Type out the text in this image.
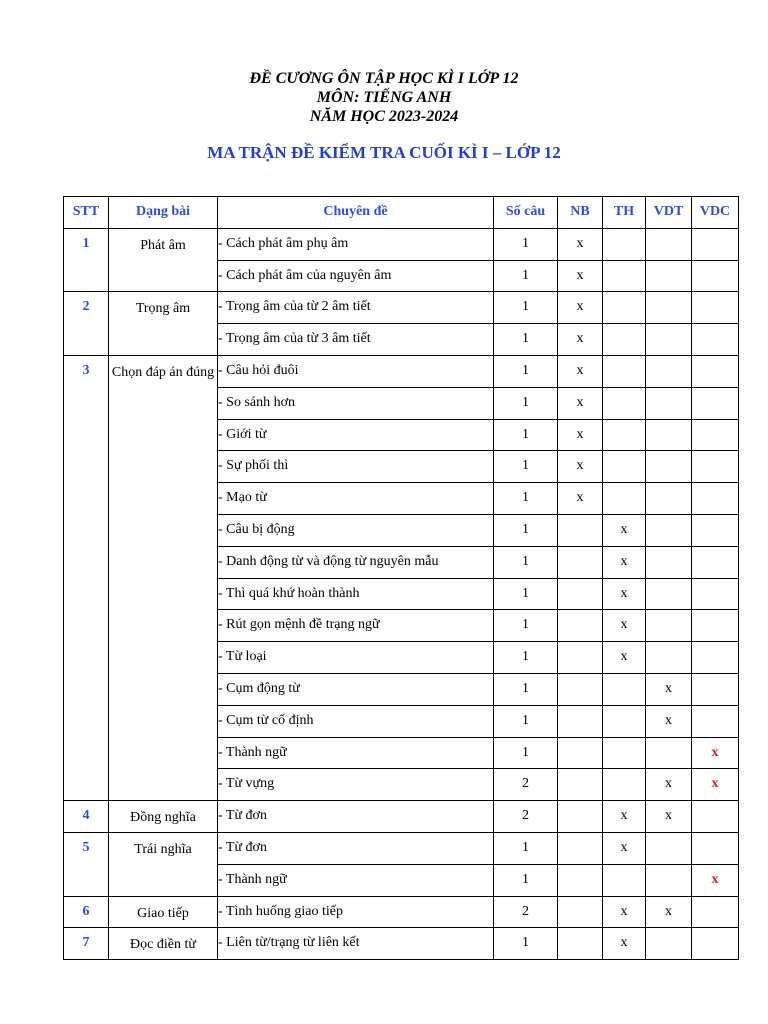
ĐỀ CƯƠNG ÔN TẬP HỌC KÌ I LỚP 12
MÔN: TIẾNG ANH
NĂM HỌC 2023-2024
MA TRẬN ĐỀ KIỂM TRA CUỐI KÌ I – LỚP 12
STT	Dạng bài	Chuyên đề	Số câu	NB	TH	VDT	VDC
1	Phát âm	- Cách phát âm phụ âm	1	x			
		- Cách phát âm của nguyên âm	1	x			
2	Trọng âm	- Trọng âm của từ 2 âm tiết	1	x			
		- Trọng âm của từ 3 âm tiết	1	x			
3	Chọn đáp án đúng	- Câu hỏi đuôi	1	x			
		- So sánh hơn	1	x			
		- Giới từ	1	x			
		- Sự phối thì	1	x			
		- Mạo từ	1	x			
		- Câu bị động	1		x		
		- Danh động từ và động từ nguyên mẫu	1		x		
		- Thì quá khứ hoàn thành	1		x		
		- Rút gọn mệnh đề trạng ngữ	1		x		
		- Từ loại	1		x		
		- Cụm động từ	1			x	
		- Cụm từ cố định	1			x	
		- Thành ngữ	1				x
		- Từ vựng	2			x	x
4	Đồng nghĩa	- Từ đơn	2		x	x	
5	Trái nghĩa	- Từ đơn	1		x		
		- Thành ngữ	1				x
6	Giao tiếp	- Tình huống giao tiếp	2		x	x	
7	Đọc điền từ	- Liên từ/trạng từ liên kết	1		x		
